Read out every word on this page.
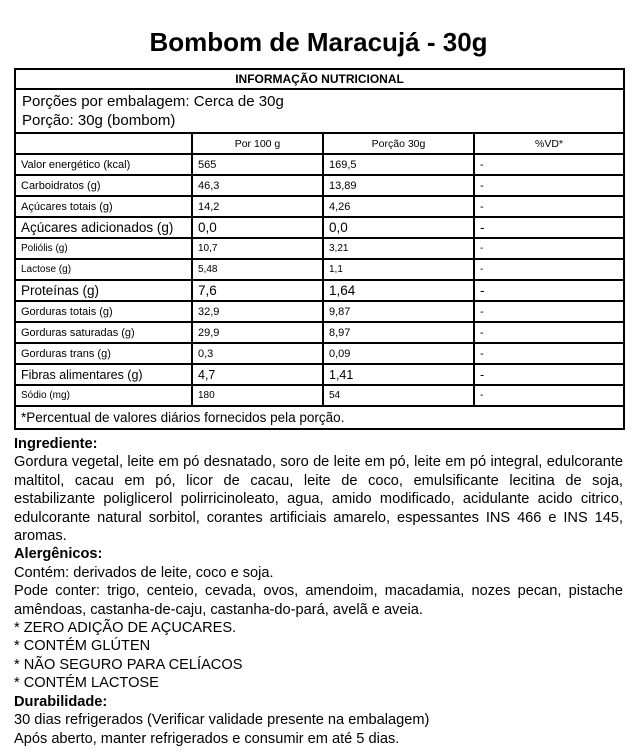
Bombom de Maracujá - 30g
INFORMAÇÃO NUTRICIONAL			

Porções por embalagem: Cerca de 30g
Porção: 30g (bombom)			

	Por 100 g	Porção 30g	%VD*
Valor energético (kcal)	565	169,5	-
Carboidratos (g)	46,3	13,89	-
Açúcares totais (g)	14,2	4,26	-
Açúcares adicionados (g)	0,0	0,0	-
Poliólis (g)	10,7	3,21	-
Lactose (g)	5,48	1,1	-
Proteínas (g)	7,6	1,64	-
Gorduras totais (g)	32,9	9,87	-
Gorduras saturadas (g)	29,9	8,97	-
Gorduras trans (g)	0,3	0,09	-
Fibras alimentares (g)	4,7	1,41	-
Sódio (mg)	180	54	-
*Percentual de valores diários fornecidos pela porção.			
Ingrediente:
Gordura vegetal, leite em pó desnatado, soro de leite em pó, leite em pó integral, edulcorante maltitol, cacau em pó, licor de cacau, leite de coco, emulsificante lecitina de soja, estabilizante poliglicerol polirricinoleato, agua, amido modificado, acidulante acido citrico, edulcorante natural sorbitol, corantes artificiais amarelo, espessantes INS 466 e INS 145, aromas.
Alergênicos:
Contém: derivados de leite, coco e soja.
Pode conter: trigo, centeio, cevada, ovos, amendoim, macadamia, nozes pecan, pistache amêndoas, castanha-de-caju, castanha-do-pará, avelã e aveia.
* ZERO ADIÇÃO DE AÇUCARES.
* CONTÉM GLÚTEN
* NÃO SEGURO PARA CELÍACOS
* CONTÉM LACTOSE
Durabilidade:
30 dias refrigerados (Verificar validade presente na embalagem)
Após aberto, manter refrigerados e consumir em até 5 dias.
